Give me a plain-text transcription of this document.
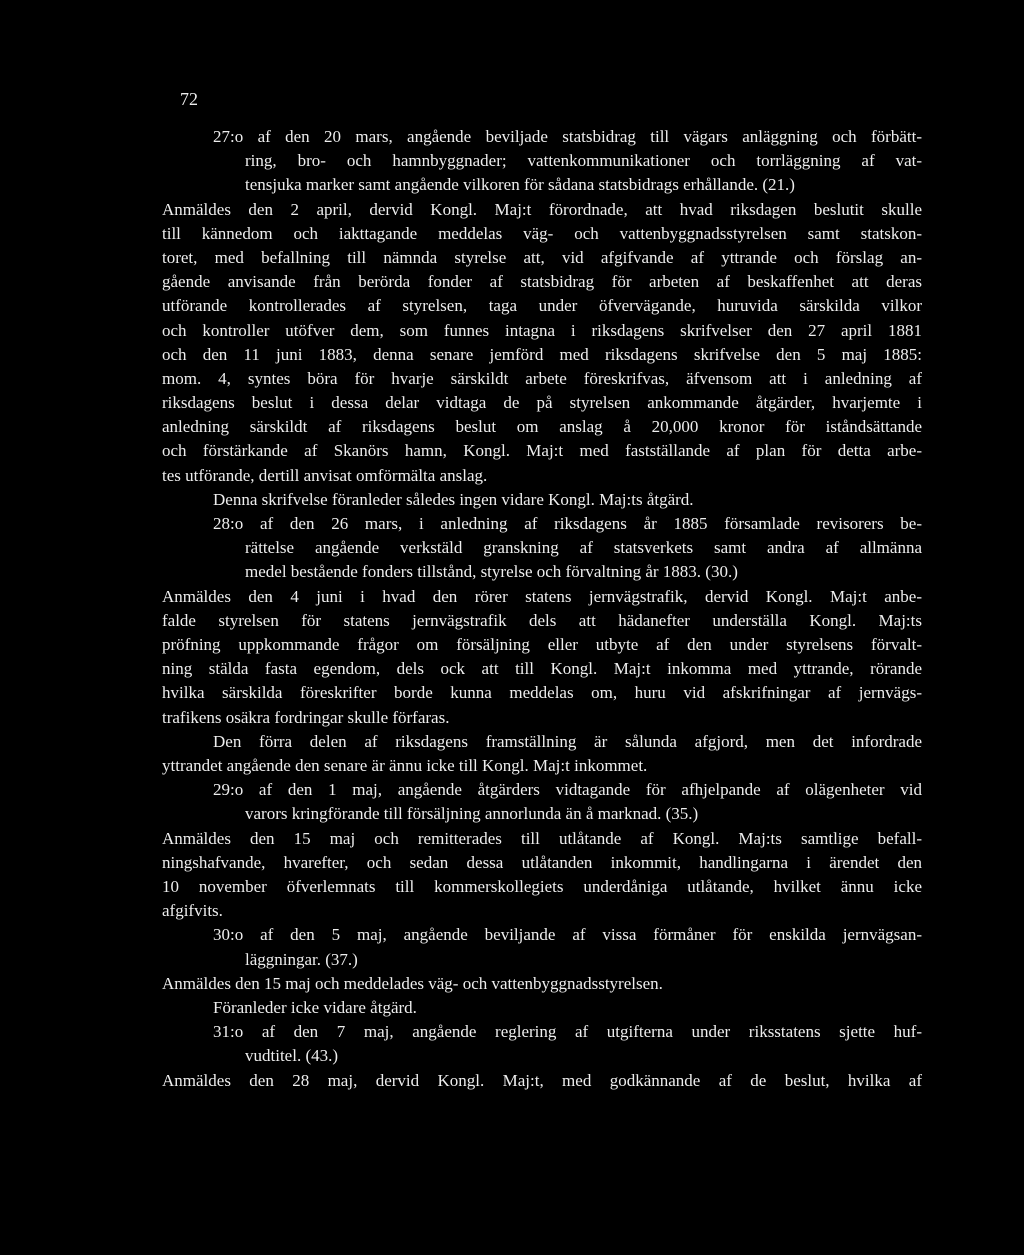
72
27:o af den 20 mars, angående beviljade statsbidrag till vägars anläggning och förbätt-
ring, bro- och hamnbyggnader; vattenkommunikationer och torrläggning af vat-
tensjuka marker samt angående vilkoren för sådana statsbidrags erhållande. (21.)
Anmäldes den 2 april, dervid Kongl. Maj:t förordnade, att hvad riksdagen beslutit skulle
till kännedom och iakttagande meddelas väg- och vattenbyggnadsstyrelsen samt statskon-
toret, med befallning till nämnda styrelse att, vid afgifvande af yttrande och förslag an-
gående anvisande från berörda fonder af statsbidrag för arbeten af beskaffenhet att deras
utförande kontrollerades af styrelsen, taga under öfvervägande, huruvida särskilda vilkor
och kontroller utöfver dem, som funnes intagna i riksdagens skrifvelser den 27 april 1881
och den 11 juni 1883, denna senare jemförd med riksdagens skrifvelse den 5 maj 1885:
mom. 4, syntes böra för hvarje särskildt arbete föreskrifvas, äfvensom att i anledning af
riksdagens beslut i dessa delar vidtaga de på styrelsen ankommande åtgärder, hvarjemte i
anledning särskildt af riksdagens beslut om anslag å 20,000 kronor för iståndsättande
och förstärkande af Skanörs hamn, Kongl. Maj:t med fastställande af plan för detta arbe-
tes utförande, dertill anvisat omförmälta anslag.
Denna skrifvelse föranleder således ingen vidare Kongl. Maj:ts åtgärd.
28:o af den 26 mars, i anledning af riksdagens år 1885 församlade revisorers be-
rättelse angående verkstäld granskning af statsverkets samt andra af allmänna
medel bestående fonders tillstånd, styrelse och förvaltning år 1883. (30.)
Anmäldes den 4 juni i hvad den rörer statens jernvägstrafik, dervid Kongl. Maj:t anbe-
falde styrelsen för statens jernvägstrafik dels att hädanefter underställa Kongl. Maj:ts
pröfning uppkommande frågor om försäljning eller utbyte af den under styrelsens förvalt-
ning stälda fasta egendom, dels ock att till Kongl. Maj:t inkomma med yttrande, rörande
hvilka särskilda föreskrifter borde kunna meddelas om, huru vid afskrifningar af jernvägs-
trafikens osäkra fordringar skulle förfaras.
Den förra delen af riksdagens framställning är sålunda afgjord, men det infordrade
yttrandet angående den senare är ännu icke till Kongl. Maj:t inkommet.
29:o af den 1 maj, angående åtgärders vidtagande för afhjelpande af olägenheter vid
varors kringförande till försäljning annorlunda än å marknad. (35.)
Anmäldes den 15 maj och remitterades till utlåtande af Kongl. Maj:ts samtlige befall-
ningshafvande, hvarefter, och sedan dessa utlåtanden inkommit, handlingarna i ärendet den
10 november öfverlemnats till kommerskollegiets underdåniga utlåtande, hvilket ännu icke
afgifvits.
30:o af den 5 maj, angående beviljande af vissa förmåner för enskilda jernvägsan-
läggningar. (37.)
Anmäldes den 15 maj och meddelades väg- och vattenbyggnadsstyrelsen.
Föranleder icke vidare åtgärd.
31:o af den 7 maj, angående reglering af utgifterna under riksstatens sjette huf-
vudtitel. (43.)
Anmäldes den 28 maj, dervid Kongl. Maj:t, med godkännande af de beslut, hvilka af
